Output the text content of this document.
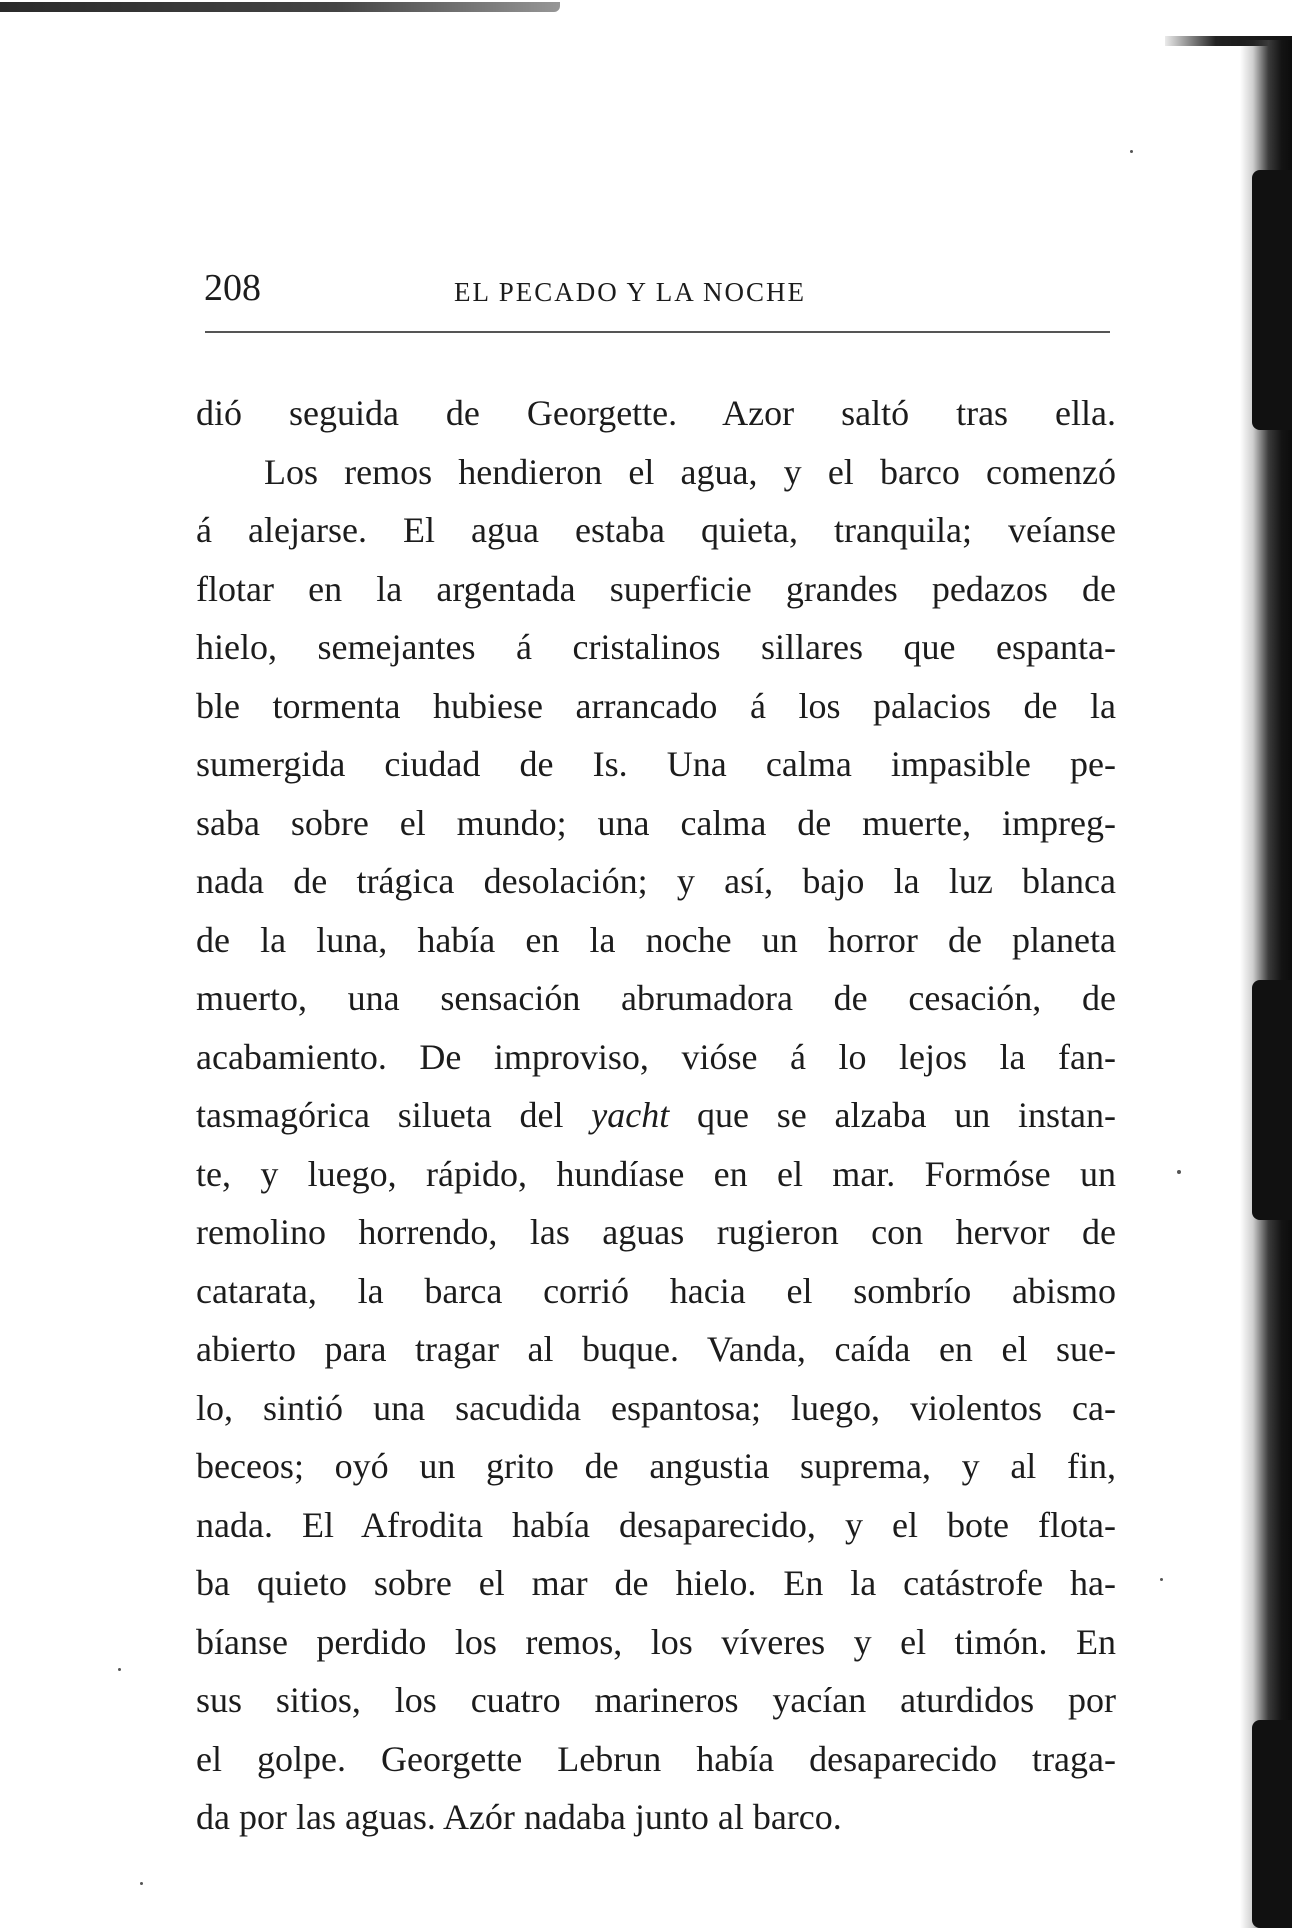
208	EL PECADO Y LA NOCHE
dió seguida de Georgette. Azor saltó tras ella.
Los remos hendieron el agua, y el barco comenzó
á alejarse. El agua estaba quieta, tranquila; veíanse
flotar en la argentada superficie grandes pedazos de
hielo, semejantes á cristalinos sillares que espanta-
ble tormenta hubiese arrancado á los palacios de la
sumergida ciudad de Is. Una calma impasible pe-
saba sobre el mundo; una calma de muerte, impreg-
nada de trágica desolación; y así, bajo la luz blanca
de la luna, había en la noche un horror de planeta
muerto, una sensación abrumadora de cesación, de
acabamiento. De improviso, vióse á lo lejos la fan-
tasmagórica silueta del yacht que se alzaba un instan-
te, y luego, rápido, hundíase en el mar. Formóse un
remolino horrendo, las aguas rugieron con hervor de
catarata, la barca corrió hacia el sombrío abismo
abierto para tragar al buque. Vanda, caída en el sue-
lo, sintió una sacudida espantosa; luego, violentos ca-
beceos; oyó un grito de angustia suprema, y al fin,
nada. El Afrodita había desaparecido, y el bote flota-
ba quieto sobre el mar de hielo. En la catástrofe ha-
bíanse perdido los remos, los víveres y el timón. En
sus sitios, los cuatro marineros yacían aturdidos por
el golpe. Georgette Lebrun había desaparecido traga-
da por las aguas. Azór nadaba junto al barco.
